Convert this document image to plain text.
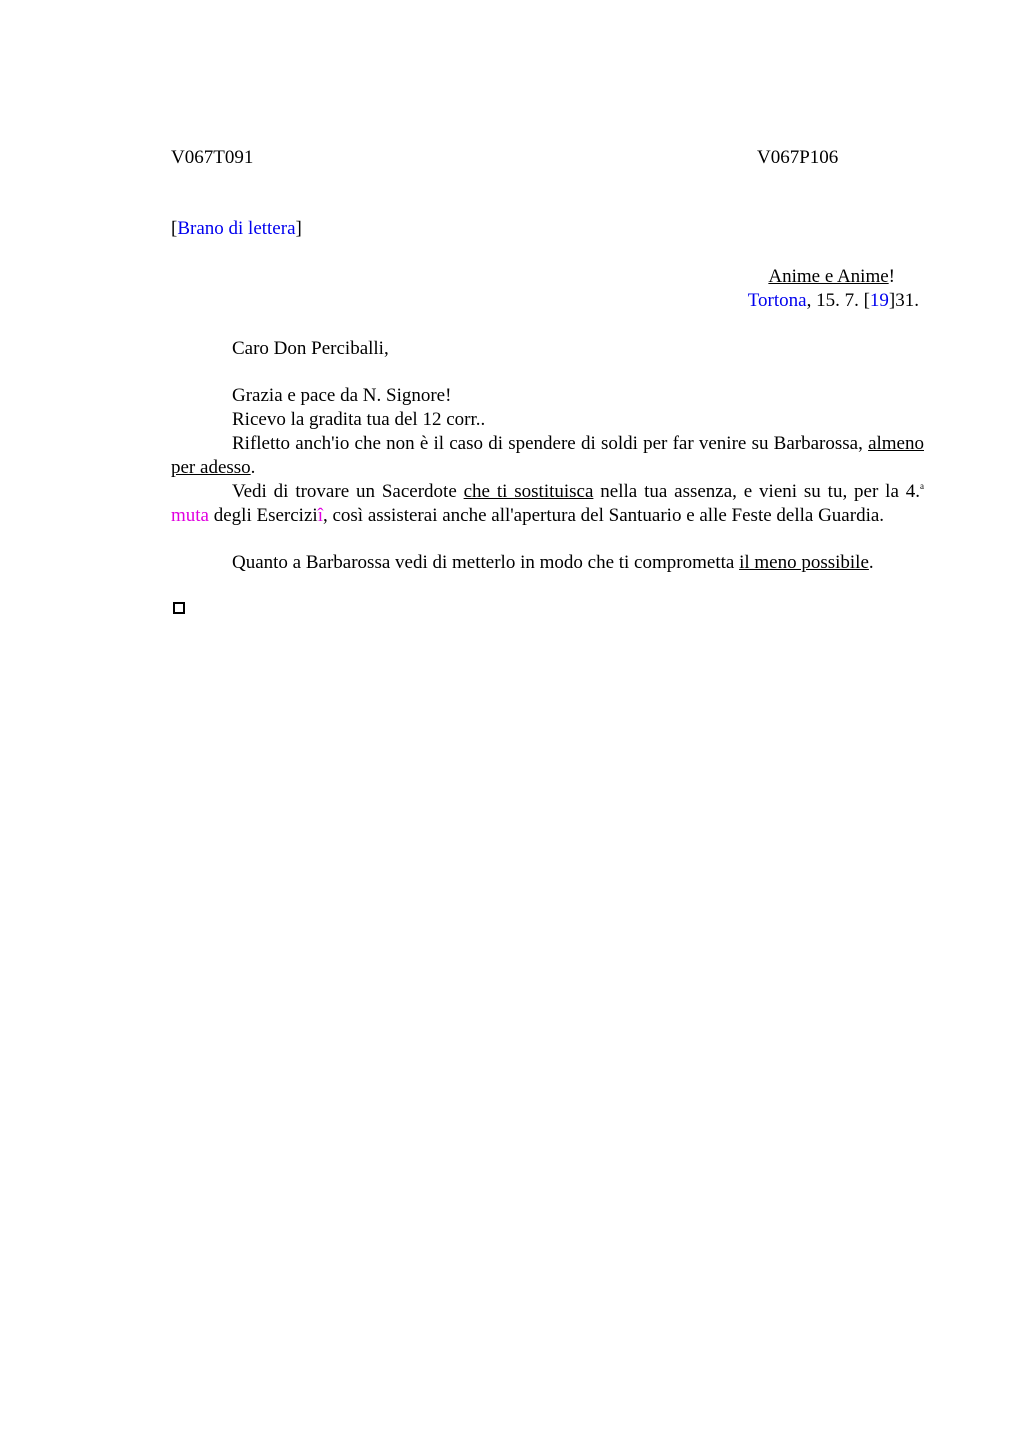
V067T091	V067P106
[Brano di lettera]
Anime e Anime!
Tortona, 15. 7. [19]31.
Caro Don Perciballi,
Grazia e pace da N. Signore!
Ricevo la gradita tua del 12 corr..
Rifletto anch'io che non è il caso di spendere di soldi per far venire su Barbarossa, almeno per adesso.
Vedi di trovare un Sacerdote che ti sostituisca nella tua assenza, e vieni su tu, per la 4.$^a$ muta degli Eserciziî, così assisterai anche all'apertura del Santuario e alle Feste della Guardia.
Quanto a Barbarossa vedi di metterlo in modo che ti comprometta il meno possibile.
